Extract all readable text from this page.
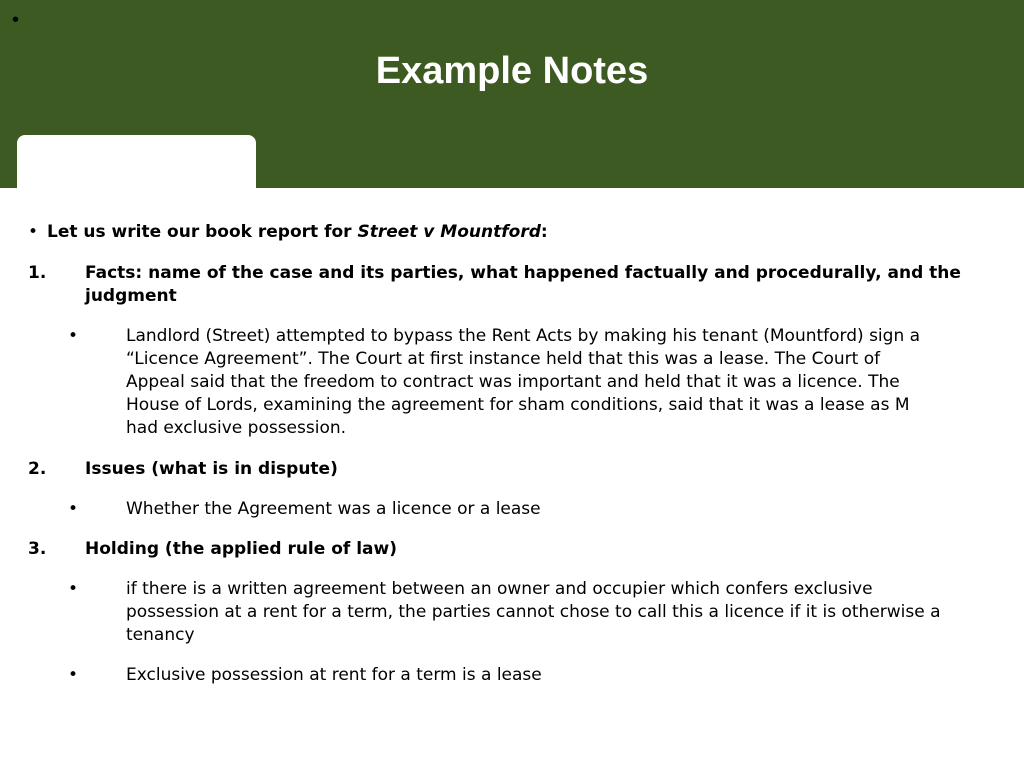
•
Example Notes
• Let us write our book report for Street v Mountford:
1. Facts: name of the case and its parties, what happened factually and procedurally, and the
judgment
•	Landlord (Street) attempted to bypass the Rent Acts by making his tenant (Mountford) sign a
“Licence Agreement”. The Court at first instance held that this was a lease. The Court of
Appeal said that the freedom to contract was important and held that it was a licence. The
House of Lords, examining the agreement for sham conditions, said that it was a lease as M
had exclusive possession.
2. Issues (what is in dispute)
•	Whether the Agreement was a licence or a lease
3. Holding (the applied rule of law)
•	if there is a written agreement between an owner and occupier which confers exclusive
possession at a rent for a term, the parties cannot chose to call this a licence if it is otherwise a
tenancy
•	Exclusive possession at rent for a term is a lease
